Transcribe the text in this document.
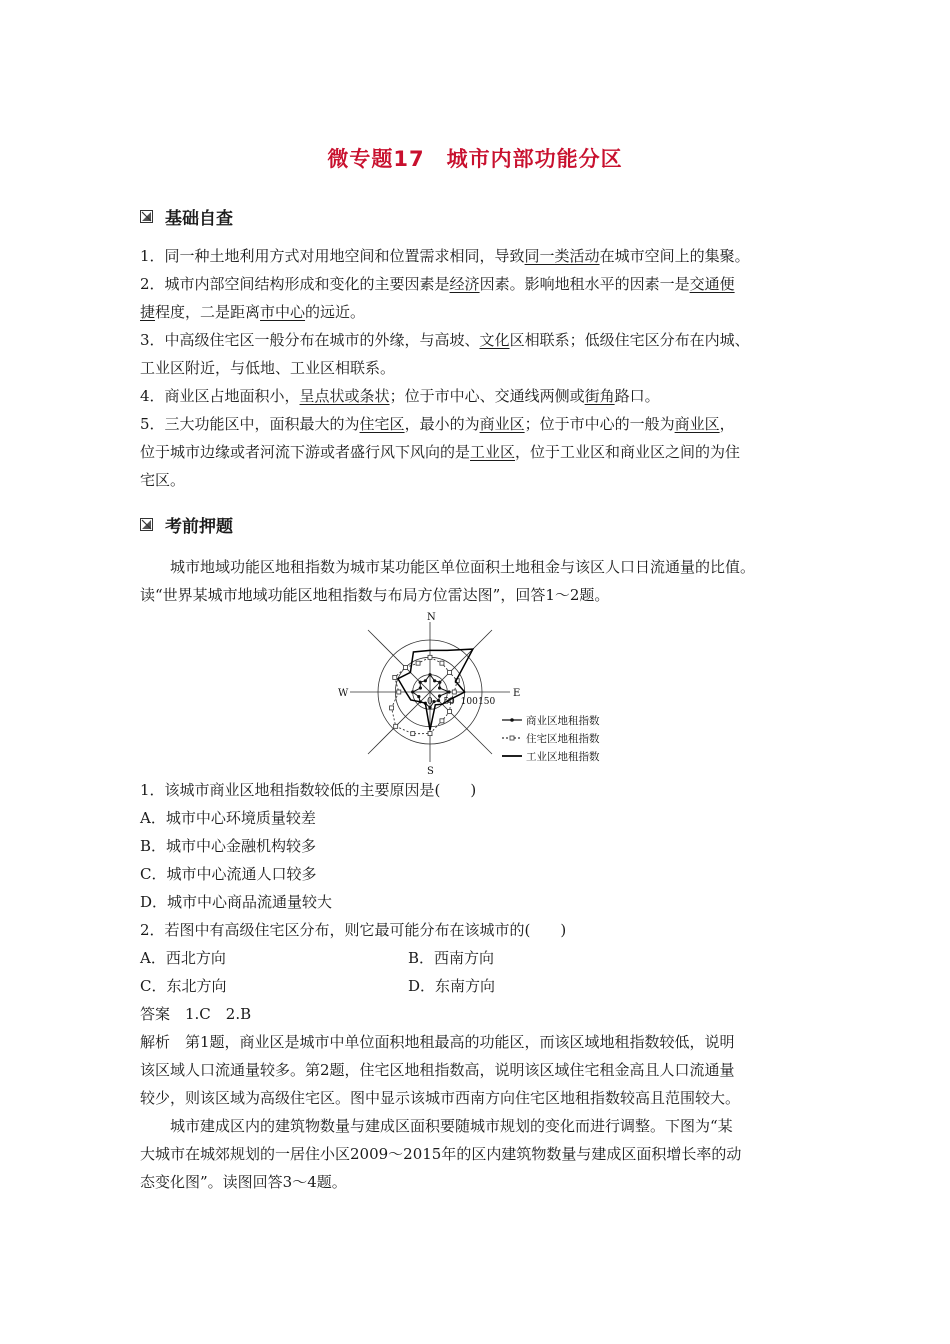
微专题17　城市内部功能分区
基础自查

1．同一种土地利用方式对用地空间和位置需求相同，导致同一类活动在城市空间上的集聚。

2．城市内部空间结构形成和变化的主要因素是经济因素。影响地租水平的因素一是交通便
捷程度，二是距离市中心的远近。

3．中高级住宅区一般分布在城市的外缘，与高坡、文化区相联系；低级住宅区分布在内城、
工业区附近，与低地、工业区相联系。

4．商业区占地面积小，呈点状或条状；位于市中心、交通线两侧或街角路口。

5．三大功能区中，面积最大的为住宅区，最小的为商业区；位于市中心的一般为商业区，
位于城市边缘或者河流下游或者盛行风下风向的是工业区，位于工业区和商业区之间的为住
宅区。

考前押题

城市地域功能区地租指数为城市某功能区单位面积土地租金与该区人口日流通量的比值。

读“世界某城市地域功能区地租指数与布局方位雷达图”，回答1～2题。

N
E
S
W
0 50 100 150
商业区地租指数
住宅区地租指数
工业区地租指数

1．该城市商业区地租指数较低的主要原因是(　　)

A．城市中心环境质量较差

B．城市中心金融机构较多

C．城市中心流通人口较多

D．城市中心商品流通量较大

2．若图中有高级住宅区分布，则它最可能分布在该城市的(　　)

A．西北方向	B．西南方向

C．东北方向	D．东南方向

答案　1.C　2.B

解析　第1题，商业区是城市中单位面积地租最高的功能区，而该区域地租指数较低，说明

该区域人口流通量较多。第2题，住宅区地租指数高，说明该区域住宅租金高且人口流通量

较少，则该区域为高级住宅区。图中显示该城市西南方向住宅区地租指数较高且范围较大。

城市建成区内的建筑物数量与建成区面积要随城市规划的变化而进行调整。下图为“某

大城市在城郊规划的一居住小区2009～2015年的区内建筑物数量与建成区面积增长率的动

态变化图”。读图回答3～4题。
